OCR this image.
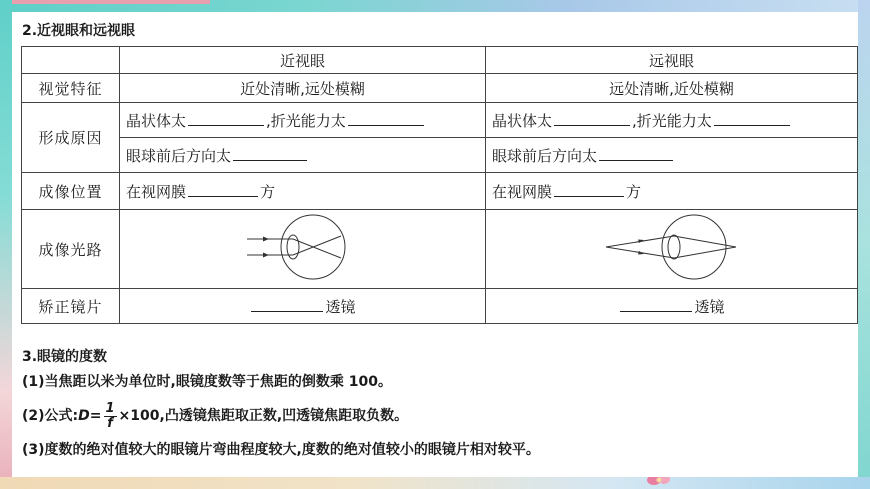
2.近视眼和远视眼
	近视眼	远视眼
视觉特征	近处清晰,远处模糊	远处清晰,近处模糊
形成原因	晶状体太 ,折光能力太	晶状体太 ,折光能力太
	眼球前后方向太	眼球前后方向太
成像位置	在视网膜 方	在视网膜 方
成像光路		
矫正镜片	透镜	透镜
3.眼镜的度数
(1)当焦距以米为单位时,眼镜度数等于焦距的倒数乘 100。
(2)公式:D= $\frac{1}{f} \times 100$,凸透镜焦距取正数,凹透镜焦距取负数。
(3)度数的绝对值较大的眼镜片弯曲程度较大,度数的绝对值较小的眼镜片相对较平。
